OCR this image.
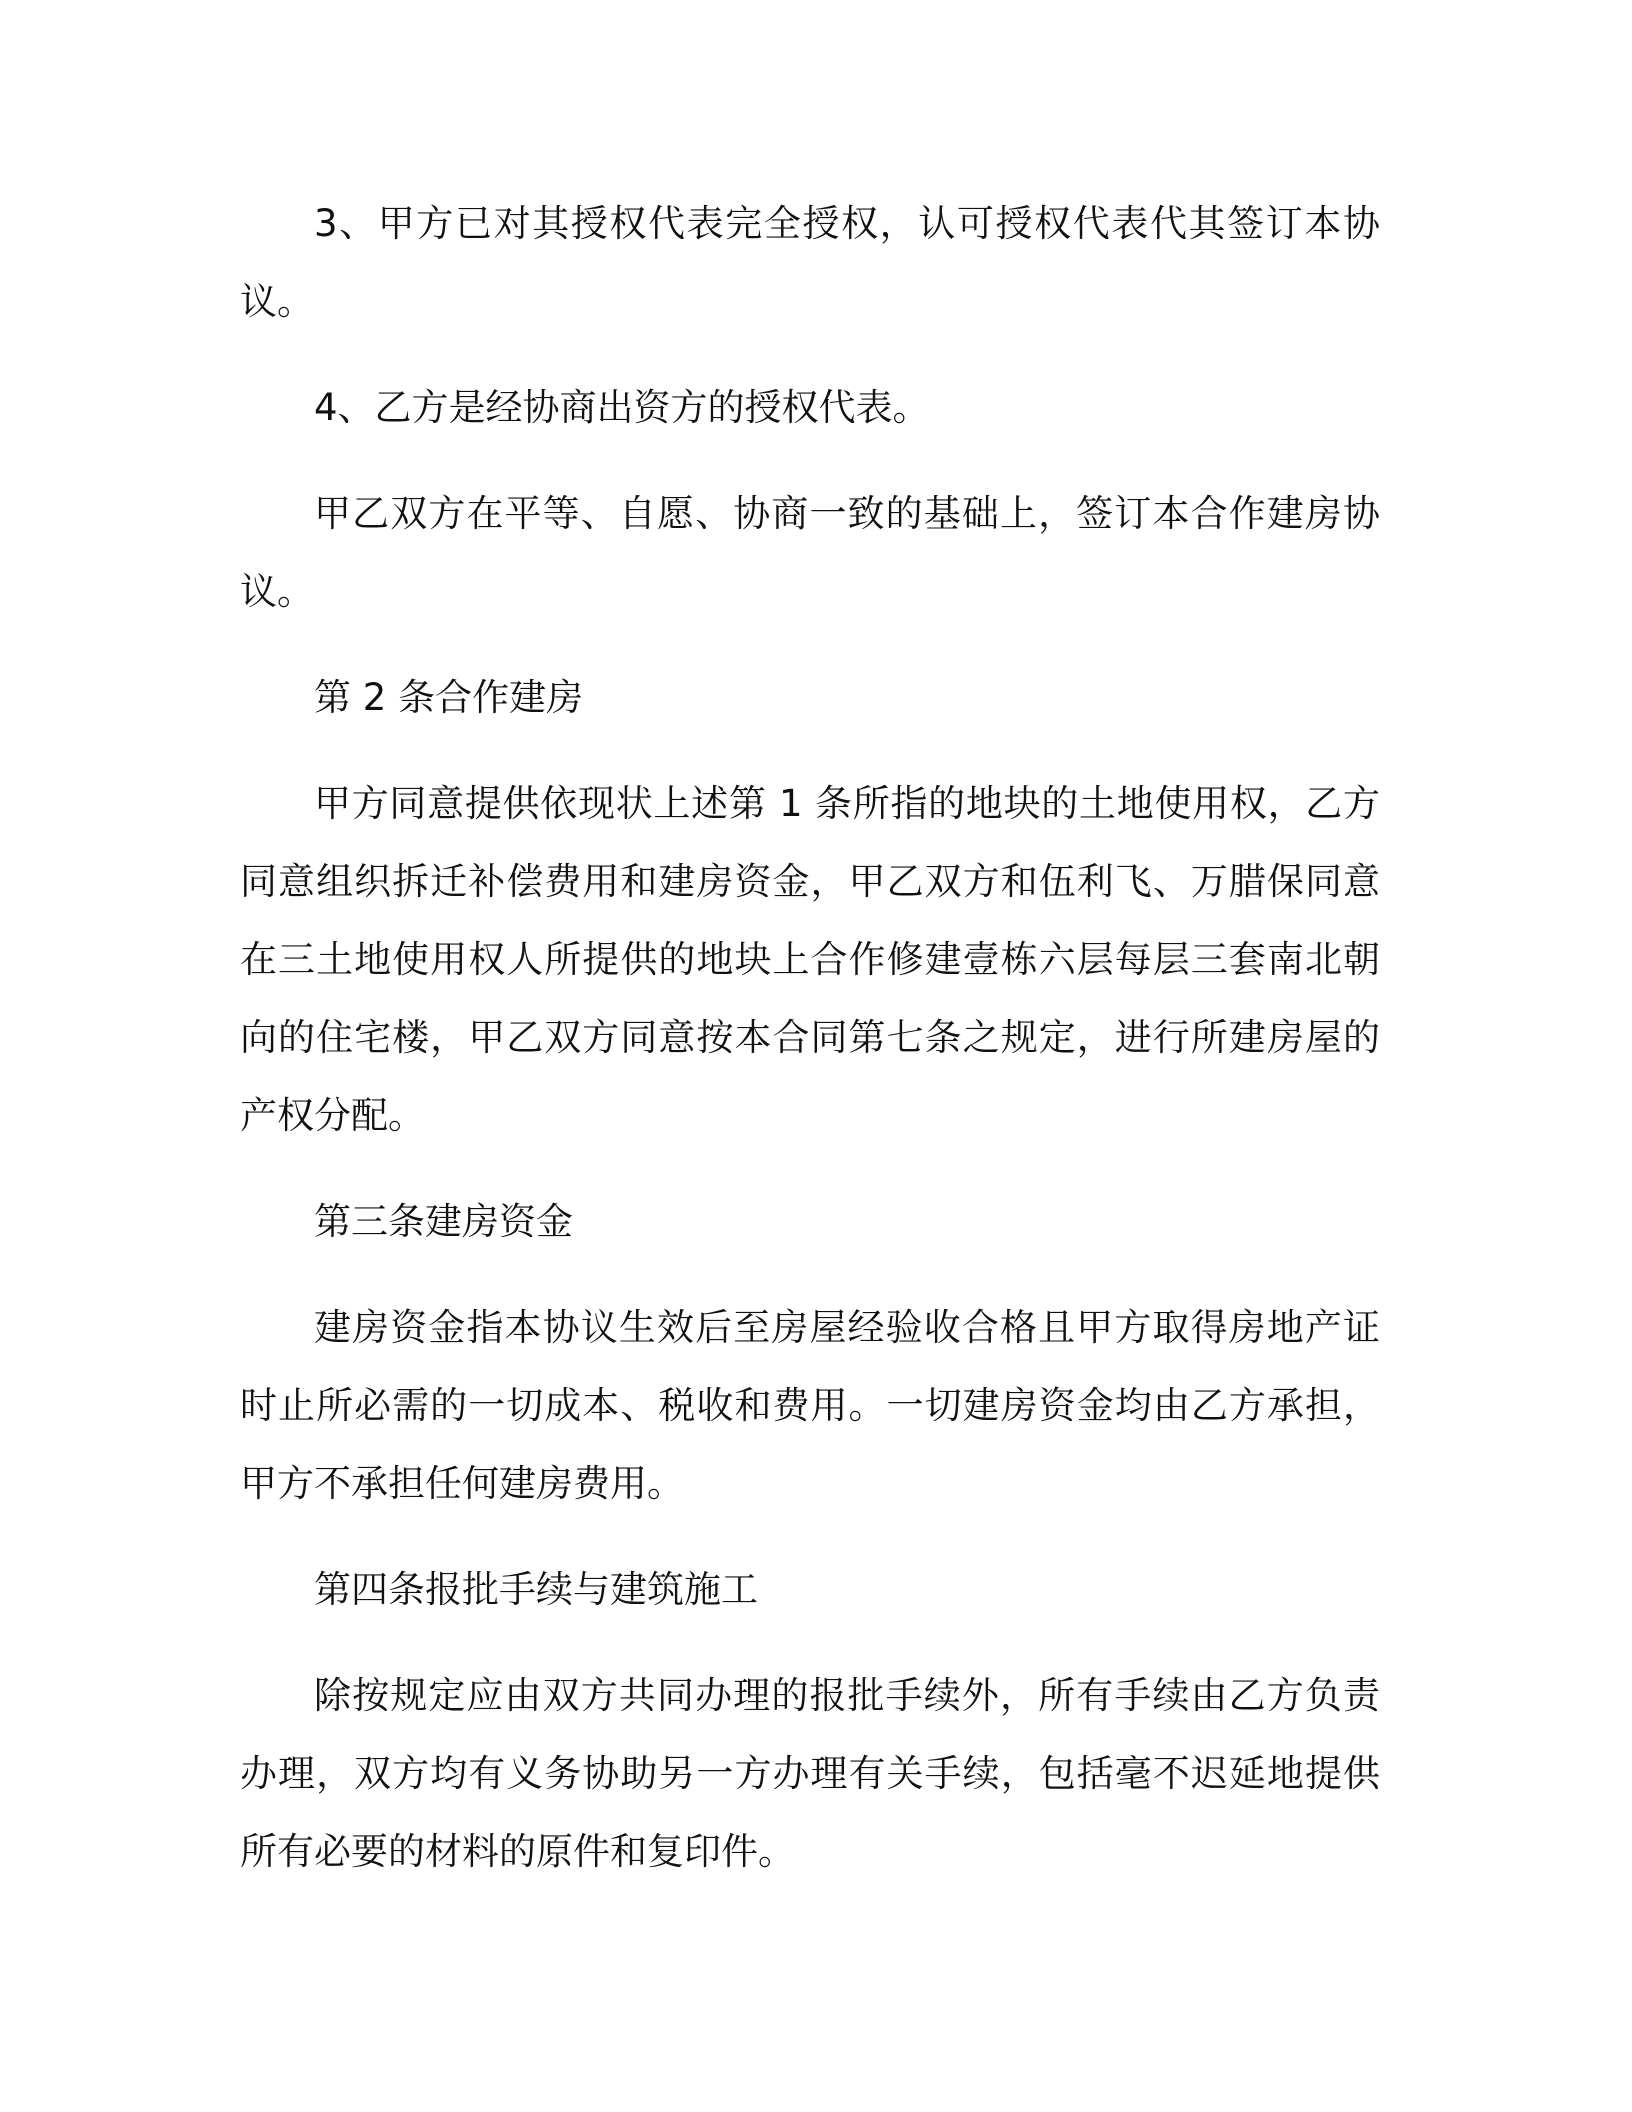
3、甲方已对其授权代表完全授权，认可授权代表代其签订本协议。

4、乙方是经协商出资方的授权代表。

甲乙双方在平等、自愿、协商一致的基础上，签订本合作建房协议。

第 2 条合作建房

甲方同意提供依现状上述第 1 条所指的地块的土地使用权，乙方同意组织拆迁补偿费用和建房资金，甲乙双方和伍利飞、万腊保同意在三土地使用权人所提供的地块上合作修建壹栋六层每层三套南北朝向的住宅楼，甲乙双方同意按本合同第七条之规定，进行所建房屋的产权分配。

第三条建房资金

建房资金指本协议生效后至房屋经验收合格且甲方取得房地产证时止所必需的一切成本、税收和费用。一切建房资金均由乙方承担，甲方不承担任何建房费用。

第四条报批手续与建筑施工

除按规定应由双方共同办理的报批手续外，所有手续由乙方负责办理，双方均有义务协助另一方办理有关手续，包括毫不迟延地提供所有必要的材料的原件和复印件。
